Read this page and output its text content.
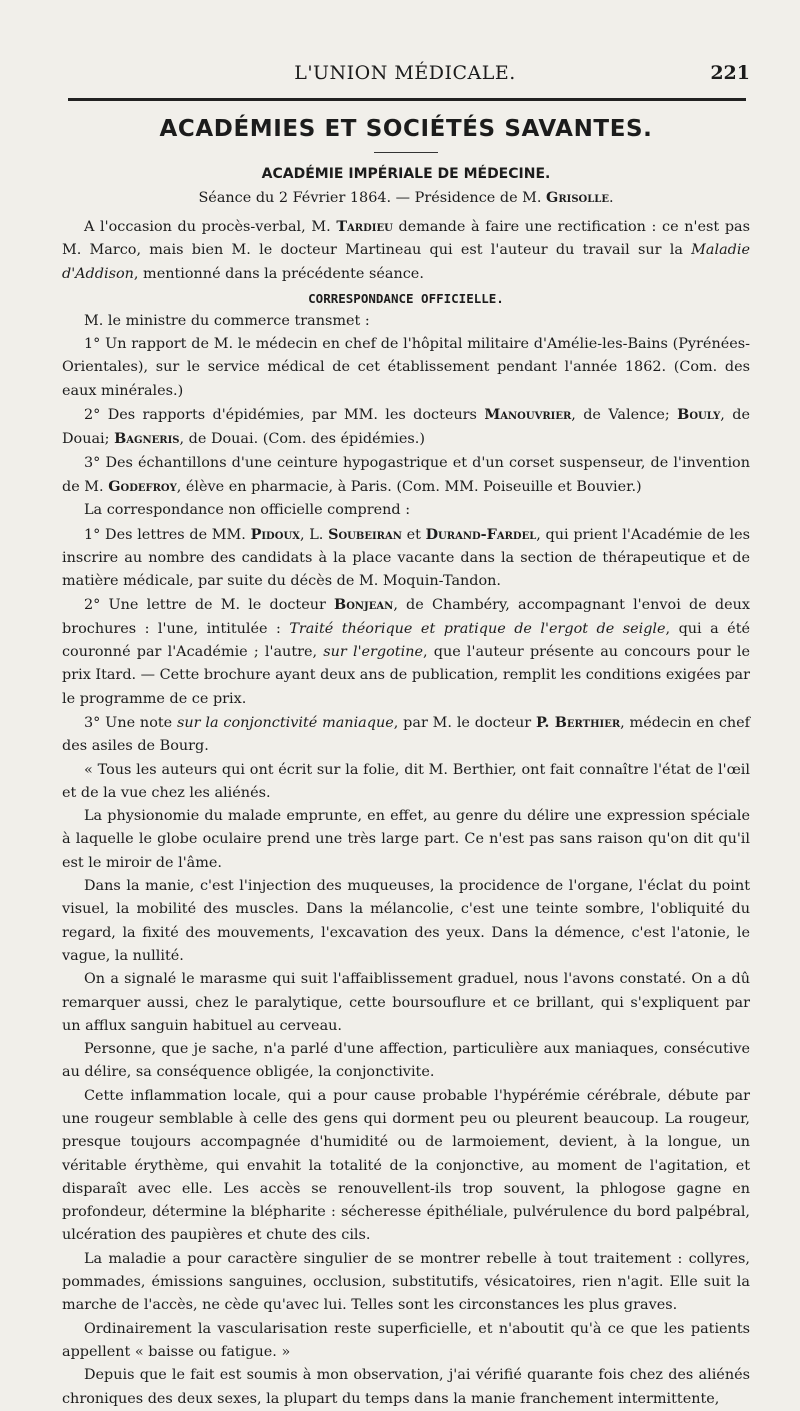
L'UNION MÉDICALE.	221
ACADÉMIES ET SOCIÉTÉS SAVANTES.
ACADÉMIE IMPÉRIALE DE MÉDECINE.
Séance du 2 Février 1864. — Présidence de M. Grisolle.

A l'occasion du procès-verbal, M. Tardieu demande à faire une rectification : ce n'est pas M. Marco, mais bien M. le docteur Martineau qui est l'auteur du travail sur la Maladie d'Addison, mentionné dans la précédente séance.

CORRESPONDANCE OFFICIELLE.

M. le ministre du commerce transmet :

1° Un rapport de M. le médecin en chef de l'hôpital militaire d'Amélie-les-Bains (Pyrénées-Orientales), sur le service médical de cet établissement pendant l'année 1862. (Com. des eaux minérales.)

2° Des rapports d'épidémies, par MM. les docteurs Manouvrier, de Valence; Bouly, de Douai; Bagneris, de Douai. (Com. des épidémies.)

3° Des échantillons d'une ceinture hypogastrique et d'un corset suspenseur, de l'invention de M. Godefroy, élève en pharmacie, à Paris. (Com. MM. Poiseuille et Bouvier.)

La correspondance non officielle comprend :

1° Des lettres de MM. Pidoux, L. Soubeiran et Durand-Fardel, qui prient l'Académie de les inscrire au nombre des candidats à la place vacante dans la section de thérapeutique et de matière médicale, par suite du décès de M. Moquin-Tandon.

2° Une lettre de M. le docteur Bonjean, de Chambéry, accompagnant l'envoi de deux brochures : l'une, intitulée : Traité théorique et pratique de l'ergot de seigle, qui a été couronné par l'Académie ; l'autre, sur l'ergotine, que l'auteur présente au concours pour le prix Itard. — Cette brochure ayant deux ans de publication, remplit les conditions exigées par le programme de ce prix.

3° Une note sur la conjonctivité maniaque, par M. le docteur P. Berthier, médecin en chef des asiles de Bourg.

« Tous les auteurs qui ont écrit sur la folie, dit M. Berthier, ont fait connaître l'état de l'œil et de la vue chez les aliénés.

La physionomie du malade emprunte, en effet, au genre du délire une expression spéciale à laquelle le globe oculaire prend une très large part. Ce n'est pas sans raison qu'on dit qu'il est le miroir de l'âme.

Dans la manie, c'est l'injection des muqueuses, la procidence de l'organe, l'éclat du point visuel, la mobilité des muscles. Dans la mélancolie, c'est une teinte sombre, l'obliquité du regard, la fixité des mouvements, l'excavation des yeux. Dans la démence, c'est l'atonie, le vague, la nullité.

On a signalé le marasme qui suit l'affaiblissement graduel, nous l'avons constaté. On a dû remarquer aussi, chez le paralytique, cette boursouflure et ce brillant, qui s'expliquent par un afflux sanguin habituel au cerveau.

Personne, que je sache, n'a parlé d'une affection, particulière aux maniaques, consécutive au délire, sa conséquence obligée, la conjonctivite.

Cette inflammation locale, qui a pour cause probable l'hypérémie cérébrale, débute par une rougeur semblable à celle des gens qui dorment peu ou pleurent beaucoup. La rougeur, presque toujours accompagnée d'humidité ou de larmoiement, devient, à la longue, un véritable érythème, qui envahit la totalité de la conjonctive, au moment de l'agitation, et disparaît avec elle. Les accès se renouvellent-ils trop souvent, la phlogose gagne en profondeur, détermine la blépharite : sécheresse épithéliale, pulvérulence du bord palpébral, ulcération des paupières et chute des cils.

La maladie a pour caractère singulier de se montrer rebelle à tout traitement : collyres, pommades, émissions sanguines, occlusion, substitutifs, vésicatoires, rien n'agit. Elle suit la marche de l'accès, ne cède qu'avec lui. Telles sont les circonstances les plus graves.

Ordinairement la vascularisation reste superficielle, et n'aboutit qu'à ce que les patients appellent « baisse ou fatigue. »

Depuis que le fait est soumis à mon observation, j'ai vérifié quarante fois chez des aliénés chroniques des deux sexes, la plupart du temps dans la manie franchement intermittente,
